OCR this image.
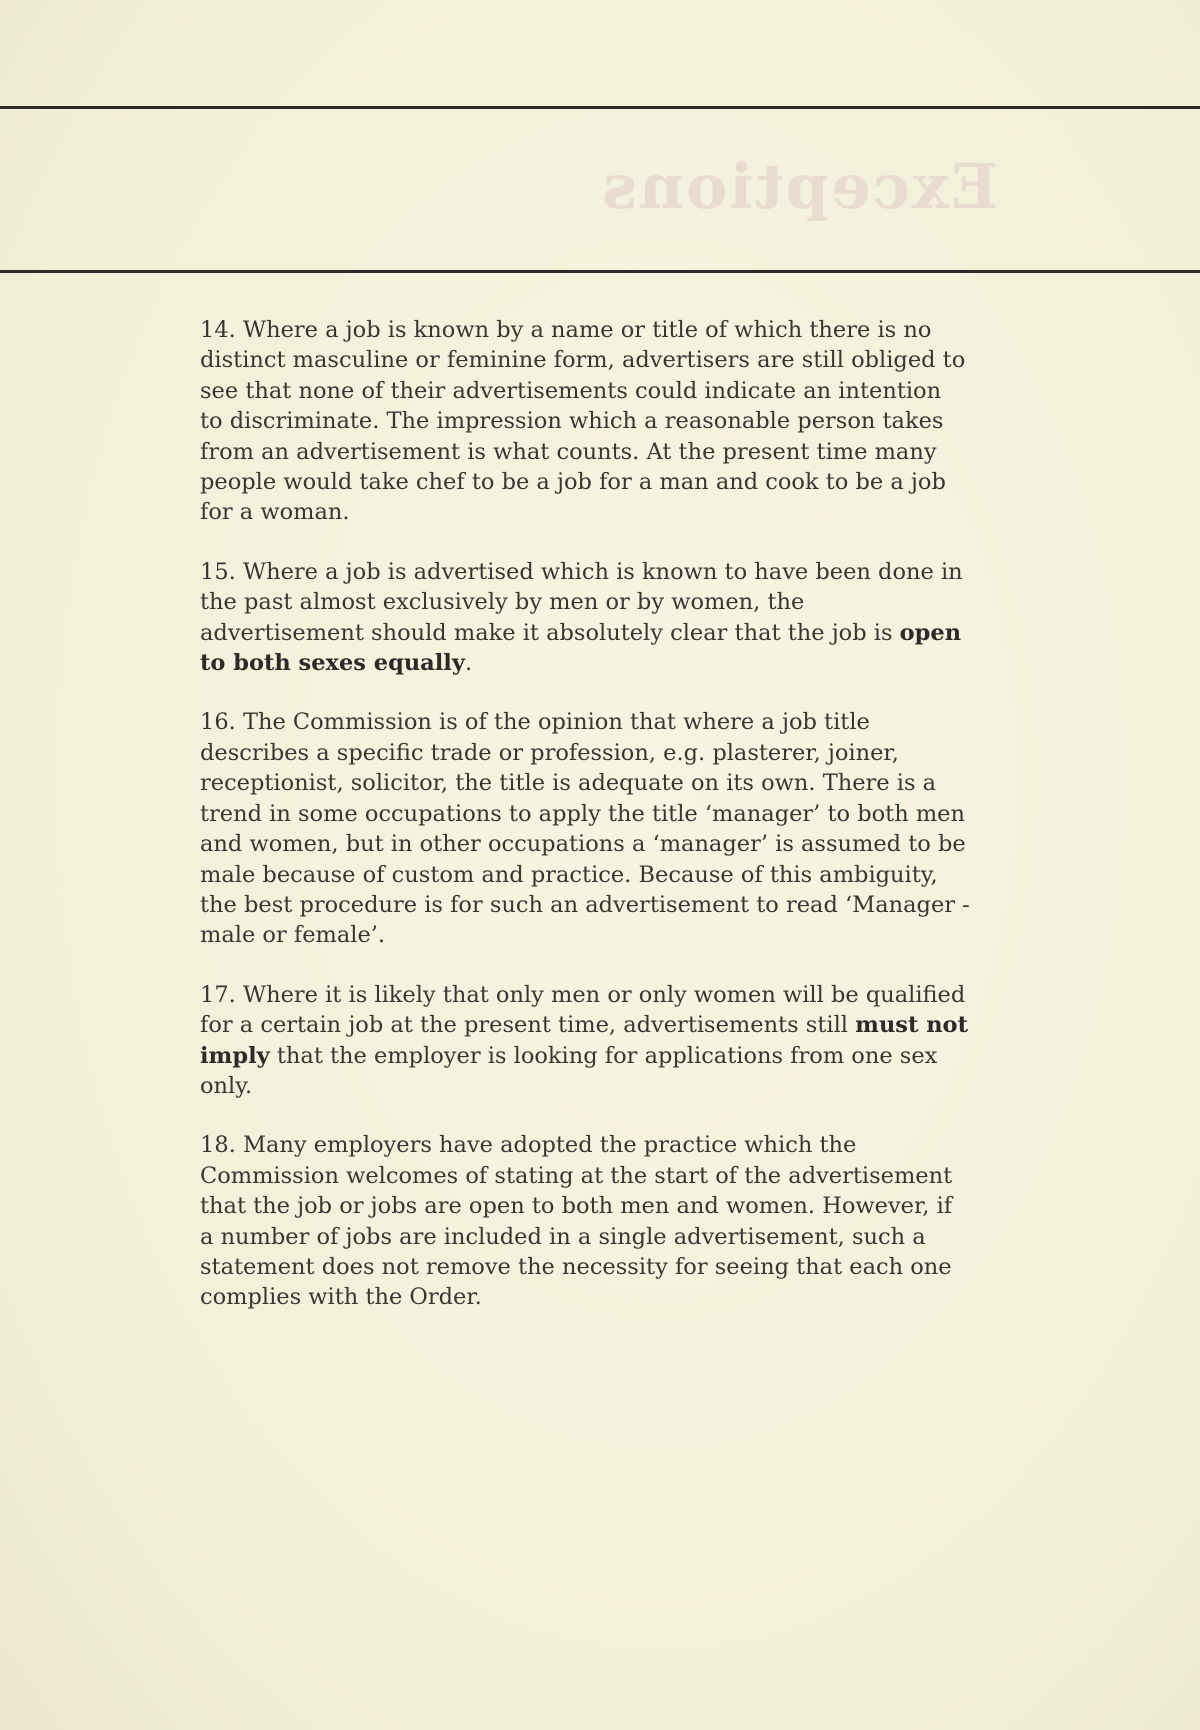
Exceptions

14. Where a job is known by a name or title of which there is no distinct masculine or feminine form, advertisers are still obliged to see that none of their advertisements could indicate an intention to discriminate. The impression which a reasonable person takes from an advertisement is what counts. At the present time many people would take chef to be a job for a man and cook to be a job for a woman.

15. Where a job is advertised which is known to have been done in the past almost exclusively by men or by women, the advertisement should make it absolutely clear that the job is open to both sexes equally.

16. The Commission is of the opinion that where a job title describes a specific trade or profession, e.g. plasterer, joiner, receptionist, solicitor, the title is adequate on its own. There is a trend in some occupations to apply the title ‘manager’ to both men and women, but in other occupations a ‘manager’ is assumed to be male because of custom and practice. Because of this ambiguity, the best procedure is for such an advertisement to read ‘Manager - male or female’.

17. Where it is likely that only men or only women will be qualified for a certain job at the present time, advertisements still must not imply that the employer is looking for applications from one sex only.

18. Many employers have adopted the practice which the Commission welcomes of stating at the start of the advertisement that the job or jobs are open to both men and women. However, if a number of jobs are included in a single advertisement, such a statement does not remove the necessity for seeing that each one complies with the Order.
